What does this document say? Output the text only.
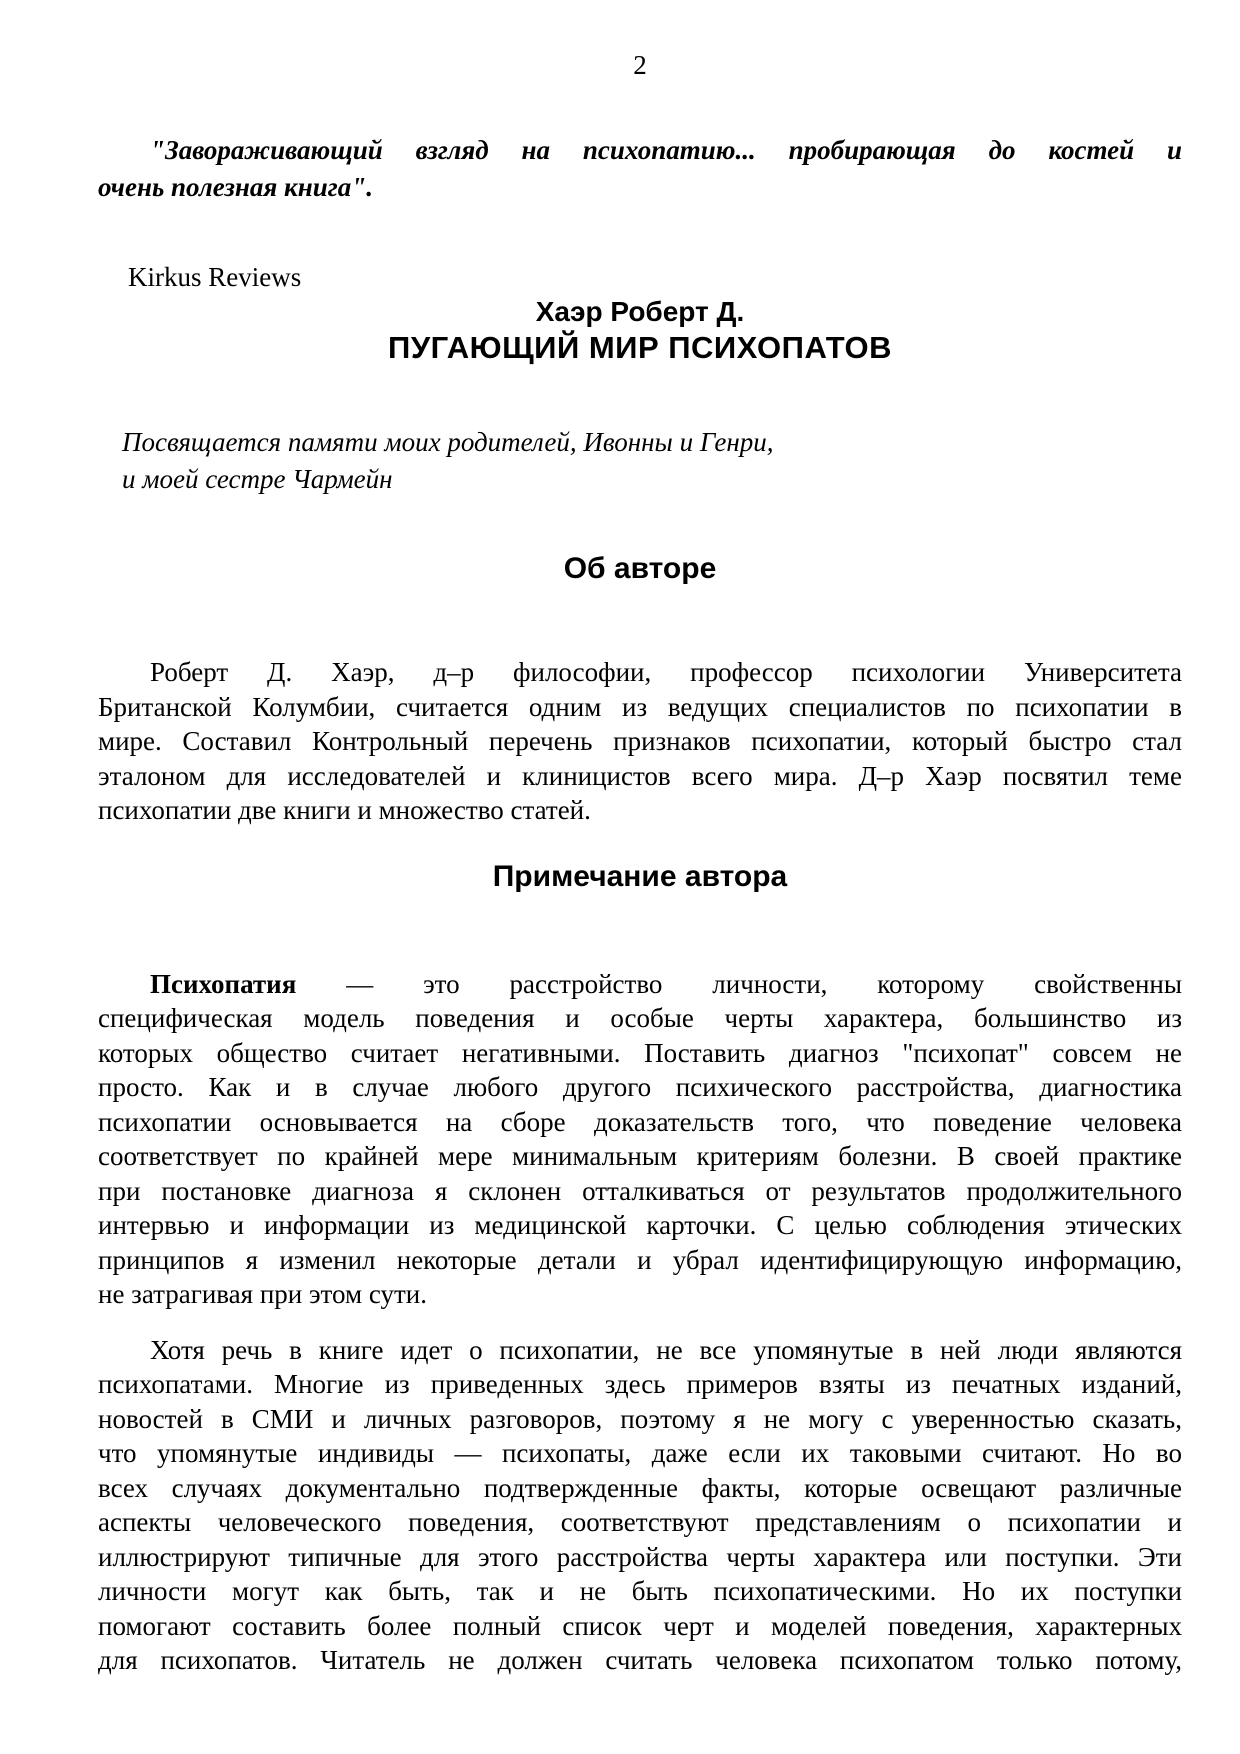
2
"Завораживающий взгляд на психопатию... пробирающая до костей и
очень полезная книга".
Kirkus Reviews
Хаэр Роберт Д.
ПУГАЮЩИЙ МИР ПСИХОПАТОВ
Посвящается памяти моих родителей, Ивонны и Генри,
и моей сестре Чармейн
Об авторе
Роберт Д. Хаэр, д–р философии, профессор психологии Университета
Британской Колумбии, считается одним из ведущих специалистов по психопатии в
мире. Составил Контрольный перечень признаков психопатии, который быстро стал
эталоном для исследователей и клиницистов всего мира. Д–р Хаэр посвятил теме
психопатии две книги и множество статей.
Примечание автора
Психопатия — это расстройство личности, которому свойственны
специфическая модель поведения и особые черты характера, большинство из
которых общество считает негативными. Поставить диагноз "психопат" совсем не
просто. Как и в случае любого другого психического расстройства, диагностика
психопатии основывается на сборе доказательств того, что поведение человека
соответствует по крайней мере минимальным критериям болезни. В своей практике
при постановке диагноза я склонен отталкиваться от результатов продолжительного
интервью и информации из медицинской карточки. С целью соблюдения этических
принципов я изменил некоторые детали и убрал идентифицирующую информацию,
не затрагивая при этом сути.
Хотя речь в книге идет о психопатии, не все упомянутые в ней люди являются
психопатами. Многие из приведенных здесь примеров взяты из печатных изданий,
новостей в СМИ и личных разговоров, поэтому я не могу с уверенностью сказать,
что упомянутые индивиды — психопаты, даже если их таковыми считают. Но во
всех случаях документально подтвержденные факты, которые освещают различные
аспекты человеческого поведения, соответствуют представлениям о психопатии и
иллюстрируют типичные для этого расстройства черты характера или поступки. Эти
личности могут как быть, так и не быть психопатическими. Но их поступки
помогают составить более полный список черт и моделей поведения, характерных
для психопатов. Читатель не должен считать человека психопатом только потому,
